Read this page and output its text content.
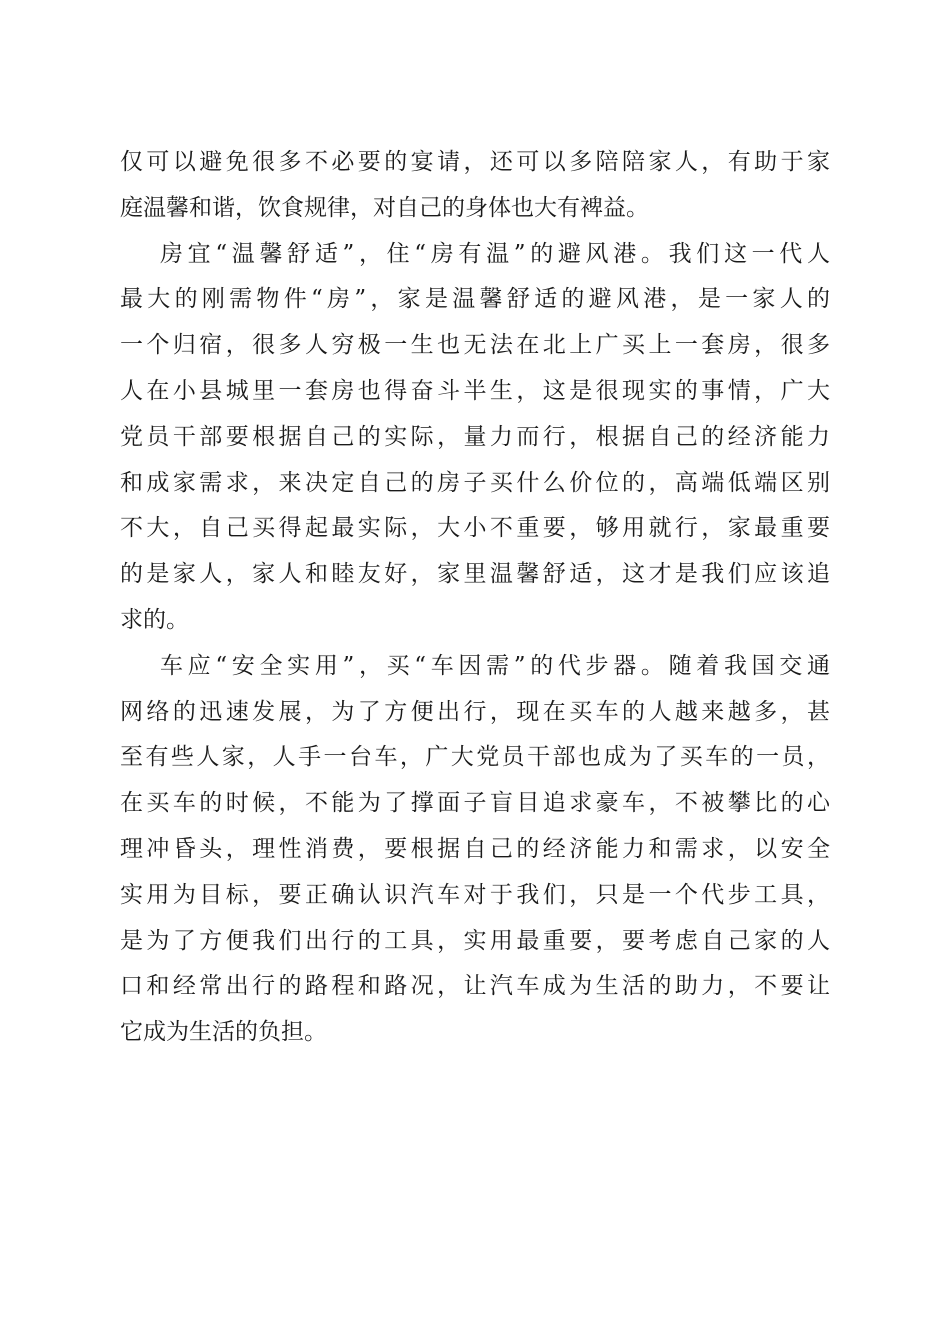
仅可以避免很多不必要的宴请，还可以多陪陪家人，有助于家
庭温馨和谐，饮食规律，对自己的身体也大有裨益。
房宜“温馨舒适”，住“房有温”的避风港。我们这一代人
最大的刚需物件“房”，家是温馨舒适的避风港，是一家人的
一个归宿，很多人穷极一生也无法在北上广买上一套房，很多
人在小县城里一套房也得奋斗半生，这是很现实的事情，广大
党员干部要根据自己的实际，量力而行，根据自己的经济能力
和成家需求，来决定自己的房子买什么价位的，高端低端区别
不大，自己买得起最实际，大小不重要，够用就行，家最重要
的是家人，家人和睦友好，家里温馨舒适，这才是我们应该追
求的。
车应“安全实用”，买“车因需”的代步器。随着我国交通
网络的迅速发展，为了方便出行，现在买车的人越来越多，甚
至有些人家，人手一台车，广大党员干部也成为了买车的一员，
在买车的时候，不能为了撑面子盲目追求豪车，不被攀比的心
理冲昏头，理性消费，要根据自己的经济能力和需求，以安全
实用为目标，要正确认识汽车对于我们，只是一个代步工具，
是为了方便我们出行的工具，实用最重要，要考虑自己家的人
口和经常出行的路程和路况，让汽车成为生活的助力，不要让
它成为生活的负担。
